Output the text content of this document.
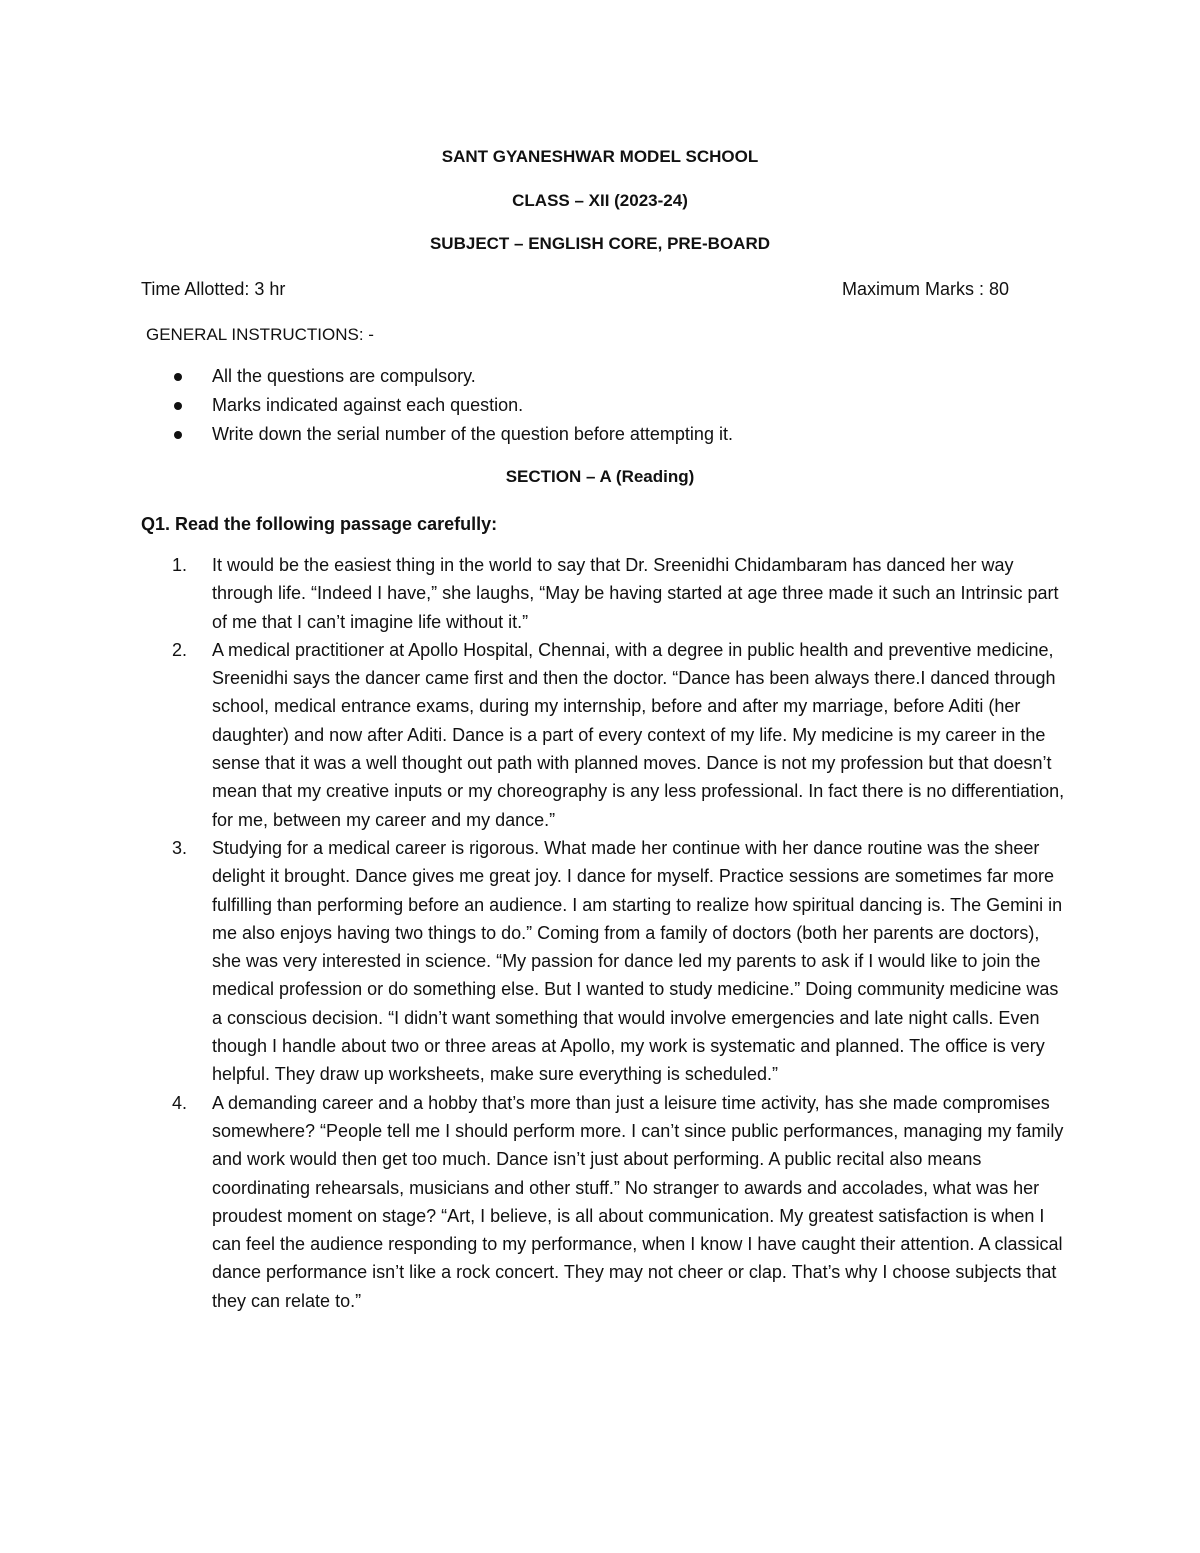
SANT GYANESHWAR MODEL SCHOOL
CLASS – XII (2023-24)
SUBJECT – ENGLISH CORE, PRE-BOARD
Time Allotted: 3 hr	Maximum Marks : 80
GENERAL INSTRUCTIONS: -
All the questions are compulsory.
Marks indicated against each question.
Write down the serial number of the question before attempting it.
SECTION – A (Reading)
Q1. Read the following passage carefully:
1. It would be the easiest thing in the world to say that Dr. Sreenidhi Chidambaram has danced her way through life. “Indeed I have,” she laughs, “May be having started at age three made it such an Intrinsic part of me that I can’t imagine life without it.”
2. A medical practitioner at Apollo Hospital, Chennai, with a degree in public health and preventive medicine, Sreenidhi says the dancer came first and then the doctor. “Dance has been always there.I danced through school, medical entrance exams, during my internship, before and after my marriage, before Aditi (her daughter) and now after Aditi. Dance is a part of every context of my life. My medicine is my career in the sense that it was a well thought out path with planned moves. Dance is not my profession but that doesn’t mean that my creative inputs or my choreography is any less professional. In fact there is no differentiation, for me, between my career and my dance.”
3. Studying for a medical career is rigorous. What made her continue with her dance routine was the sheer delight it brought. Dance gives me great joy. I dance for myself. Practice sessions are sometimes far more fulfilling than performing before an audience. I am starting to realize how spiritual dancing is. The Gemini in me also enjoys having two things to do.” Coming from a family of doctors (both her parents are doctors), she was very interested in science. “My passion for dance led my parents to ask if I would like to join the medical profession or do something else. But I wanted to study medicine.” Doing community medicine was a conscious decision. “I didn’t want something that would involve emergencies and late night calls. Even though I handle about two or three areas at Apollo, my work is systematic and planned. The office is very helpful. They draw up worksheets, make sure everything is scheduled.”
4. A demanding career and a hobby that’s more than just a leisure time activity, has she made compromises somewhere? “People tell me I should perform more. I can’t since public performances, managing my family and work would then get too much. Dance isn’t just about performing. A public recital also means coordinating rehearsals, musicians and other stuff.” No stranger to awards and accolades, what was her proudest moment on stage? “Art, I believe, is all about communication. My greatest satisfaction is when I can feel the audience responding to my performance, when I know I have caught their attention. A classical dance performance isn’t like a rock concert. They may not cheer or clap. That’s why I choose subjects that they can relate to.”
